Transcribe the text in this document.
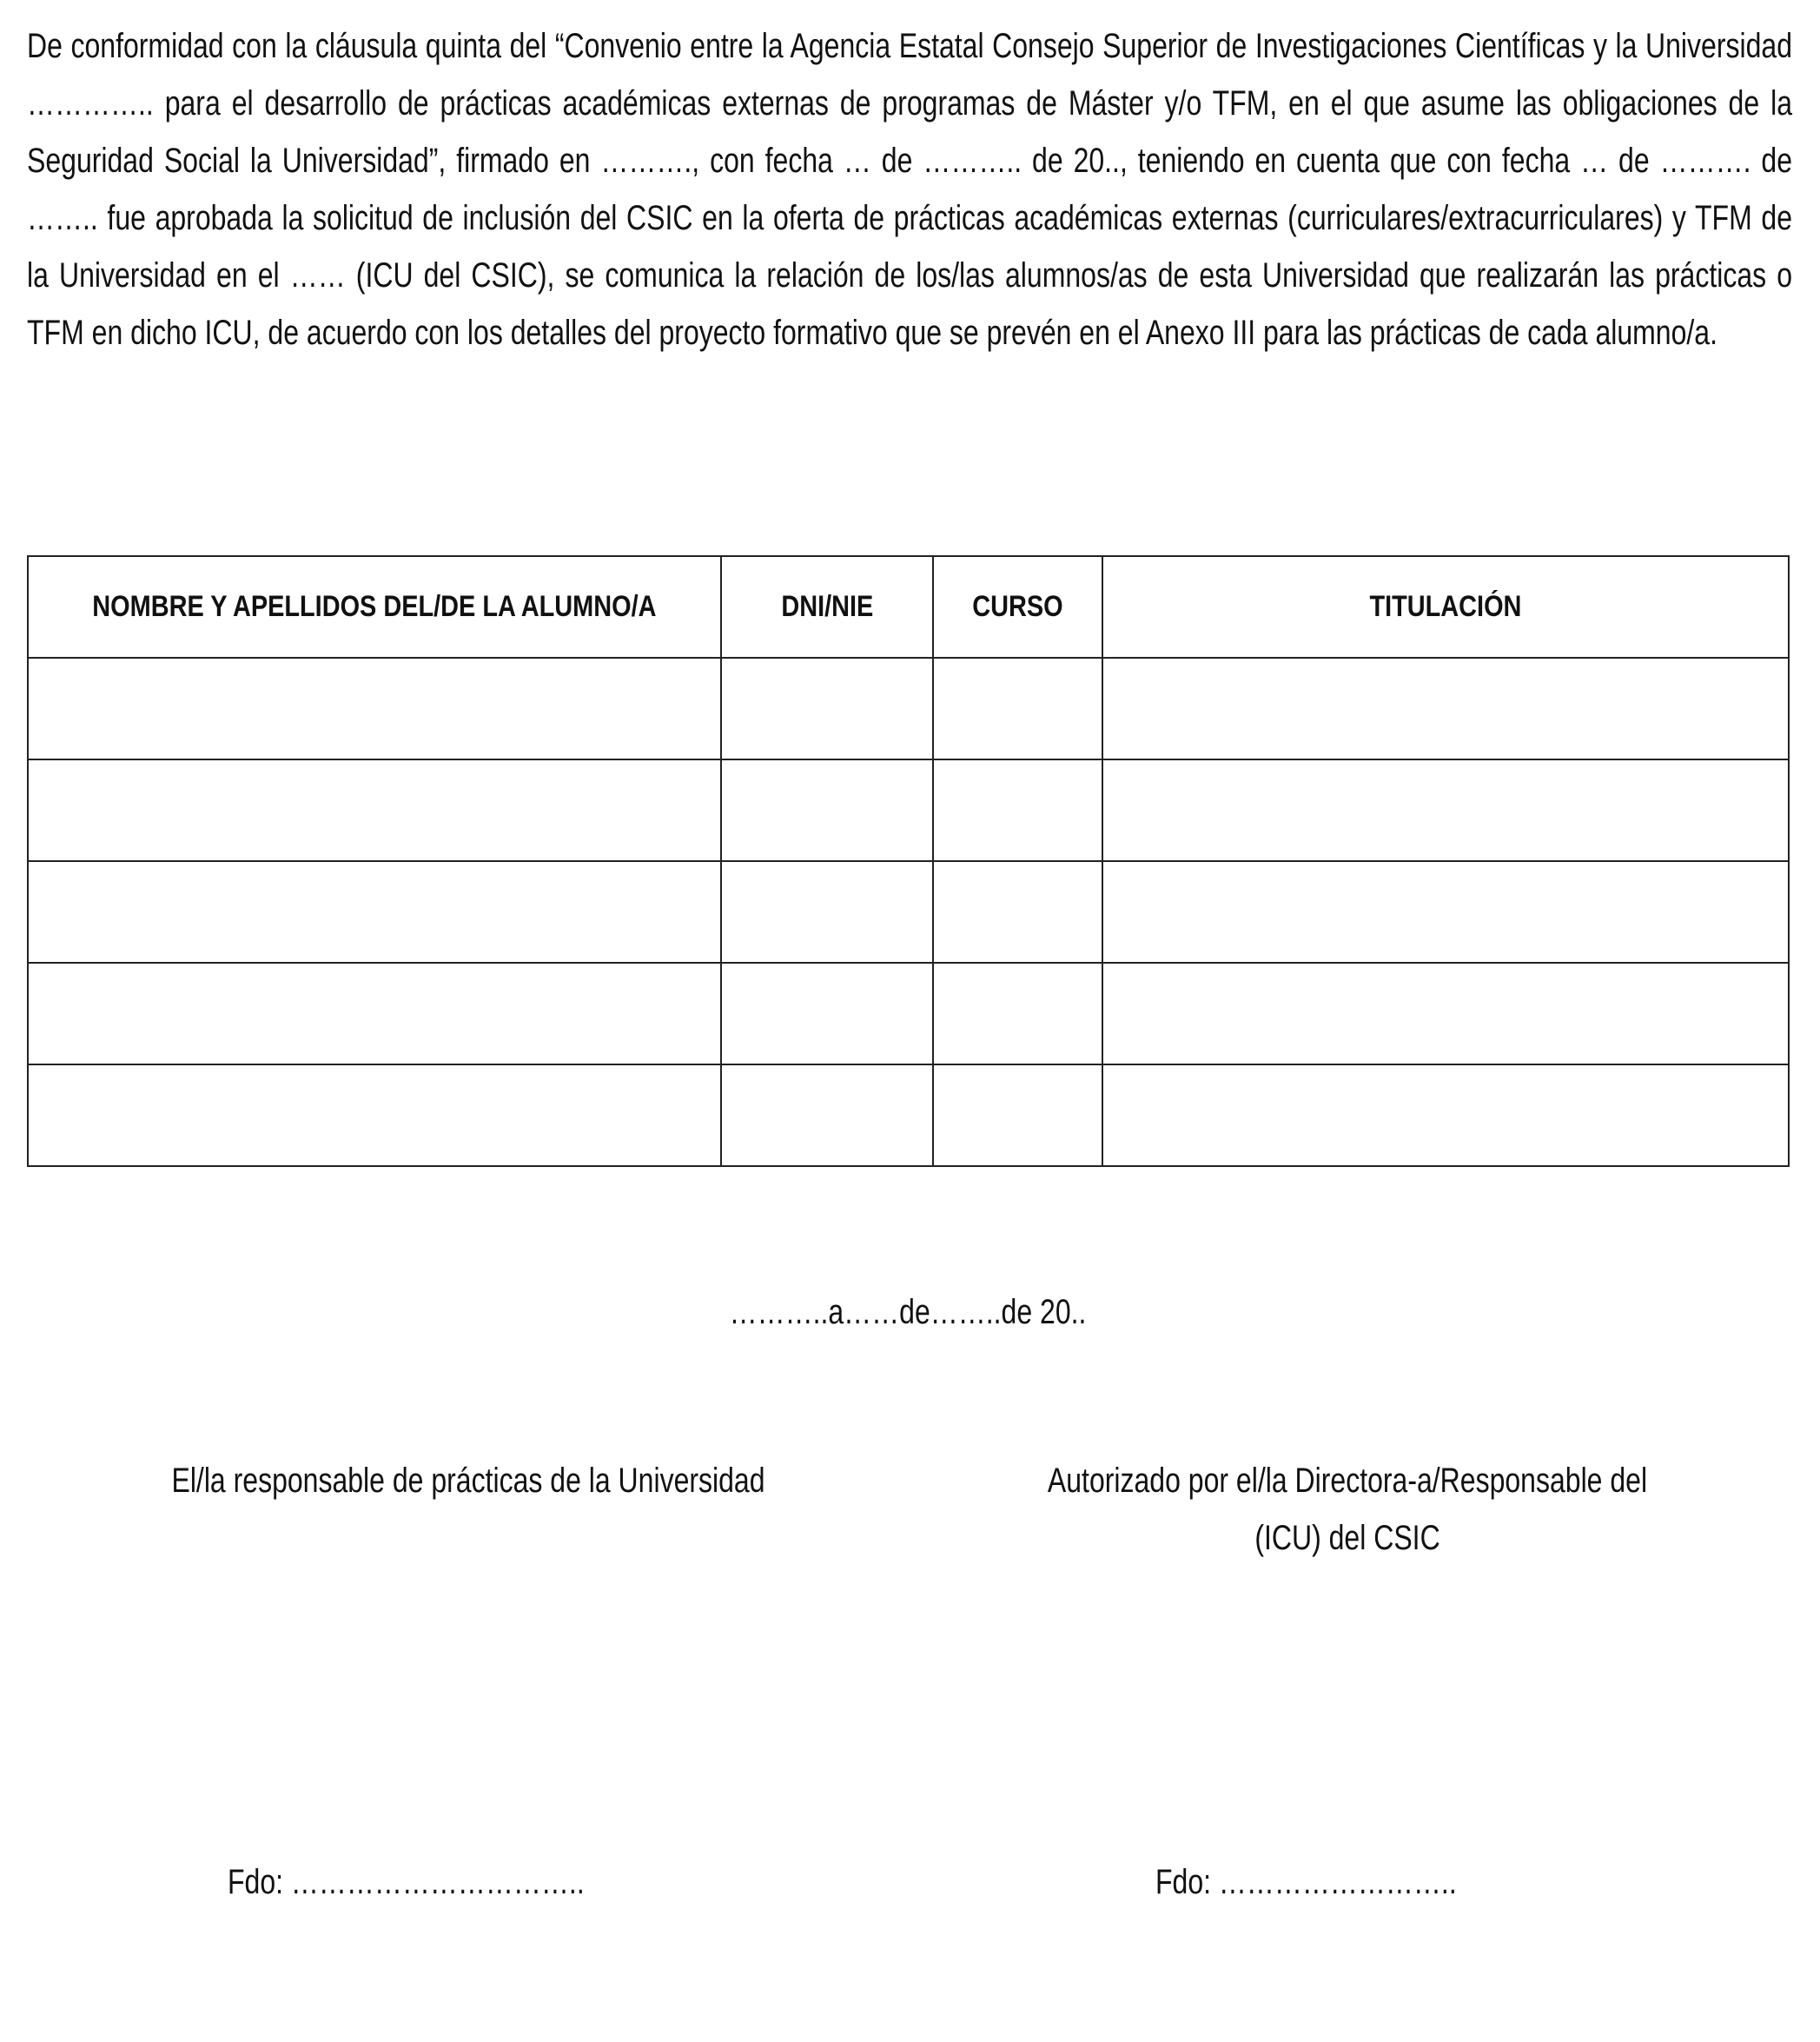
De conformidad con la cláusula quinta del “Convenio entre la Agencia Estatal Consejo Superior de Investigaciones Científicas y la Universidad ………….. para el desarrollo de prácticas académicas externas de programas de Máster y/o TFM, en el que asume las obligaciones de la Seguridad Social la Universidad”, firmado en ………., con fecha … de ……….. de 20.., teniendo en cuenta que con fecha … de ………. de …….. fue aprobada la solicitud de inclusión del CSIC en la oferta de prácticas académicas externas (curriculares/extracurriculares) y TFM de la Universidad en el …… (ICU del CSIC), se comunica la relación de los/las alumnos/as de esta Universidad que realizarán las prácticas o TFM en dicho ICU, de acuerdo con los detalles del proyecto formativo que se prevén en el Anexo III para las prácticas de cada alumno/a.
NOMBRE Y APELLIDOS DEL/DE LA ALUMNO/A	DNI/NIE	CURSO	TITULACIÓN

………..a……de……..de 20..
El/la responsable de prácticas de la Universidad	Autorizado por el/la Directora-a/Responsable del
(ICU) del CSIC
Fdo: …………………………..	Fdo: ……………………..
